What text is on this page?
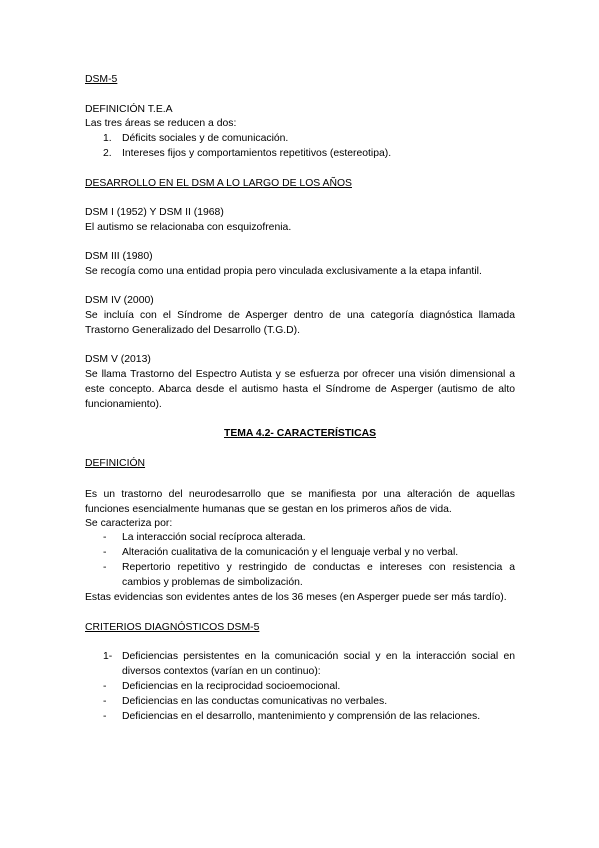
DSM-5
DEFINICIÓN T.E.A
Las tres áreas se reducen a dos:
1. Déficits sociales y de comunicación.
2. Intereses fijos y comportamientos repetitivos (estereotipa).
DESARROLLO EN EL DSM A LO LARGO DE LOS AÑOS
DSM I (1952) Y DSM II (1968)
El autismo se relacionaba con esquizofrenia.
DSM III (1980)
Se recogía como una entidad propia pero vinculada exclusivamente a la etapa infantil.
DSM IV (2000)
Se incluía con el Síndrome de Asperger dentro de una categoría diagnóstica llamada Trastorno Generalizado del Desarrollo (T.G.D).
DSM V (2013)
Se llama Trastorno del Espectro Autista y se esfuerza por ofrecer una visión dimensional a este concepto. Abarca desde el autismo hasta el Síndrome de Asperger (autismo de alto funcionamiento).
TEMA 4.2- CARACTERÍSTICAS
DEFINICIÓN
Es un trastorno del neurodesarrollo que se manifiesta por una alteración de aquellas funciones esencialmente humanas que se gestan en los primeros años de vida.
Se caracteriza por:
- La interacción social recíproca alterada.
- Alteración cualitativa de la comunicación y el lenguaje verbal y no verbal.
- Repertorio repetitivo y restringido de conductas e intereses con resistencia a cambios y problemas de simbolización.
Estas evidencias son evidentes antes de los 36 meses (en Asperger puede ser más tardío).
CRITERIOS DIAGNÓSTICOS DSM-5
1- Deficiencias persistentes en la comunicación social y en la interacción social en diversos contextos (varían en un continuo):
- Deficiencias en la reciprocidad socioemocional.
- Deficiencias en las conductas comunicativas no verbales.
- Deficiencias en el desarrollo, mantenimiento y comprensión de las relaciones.
